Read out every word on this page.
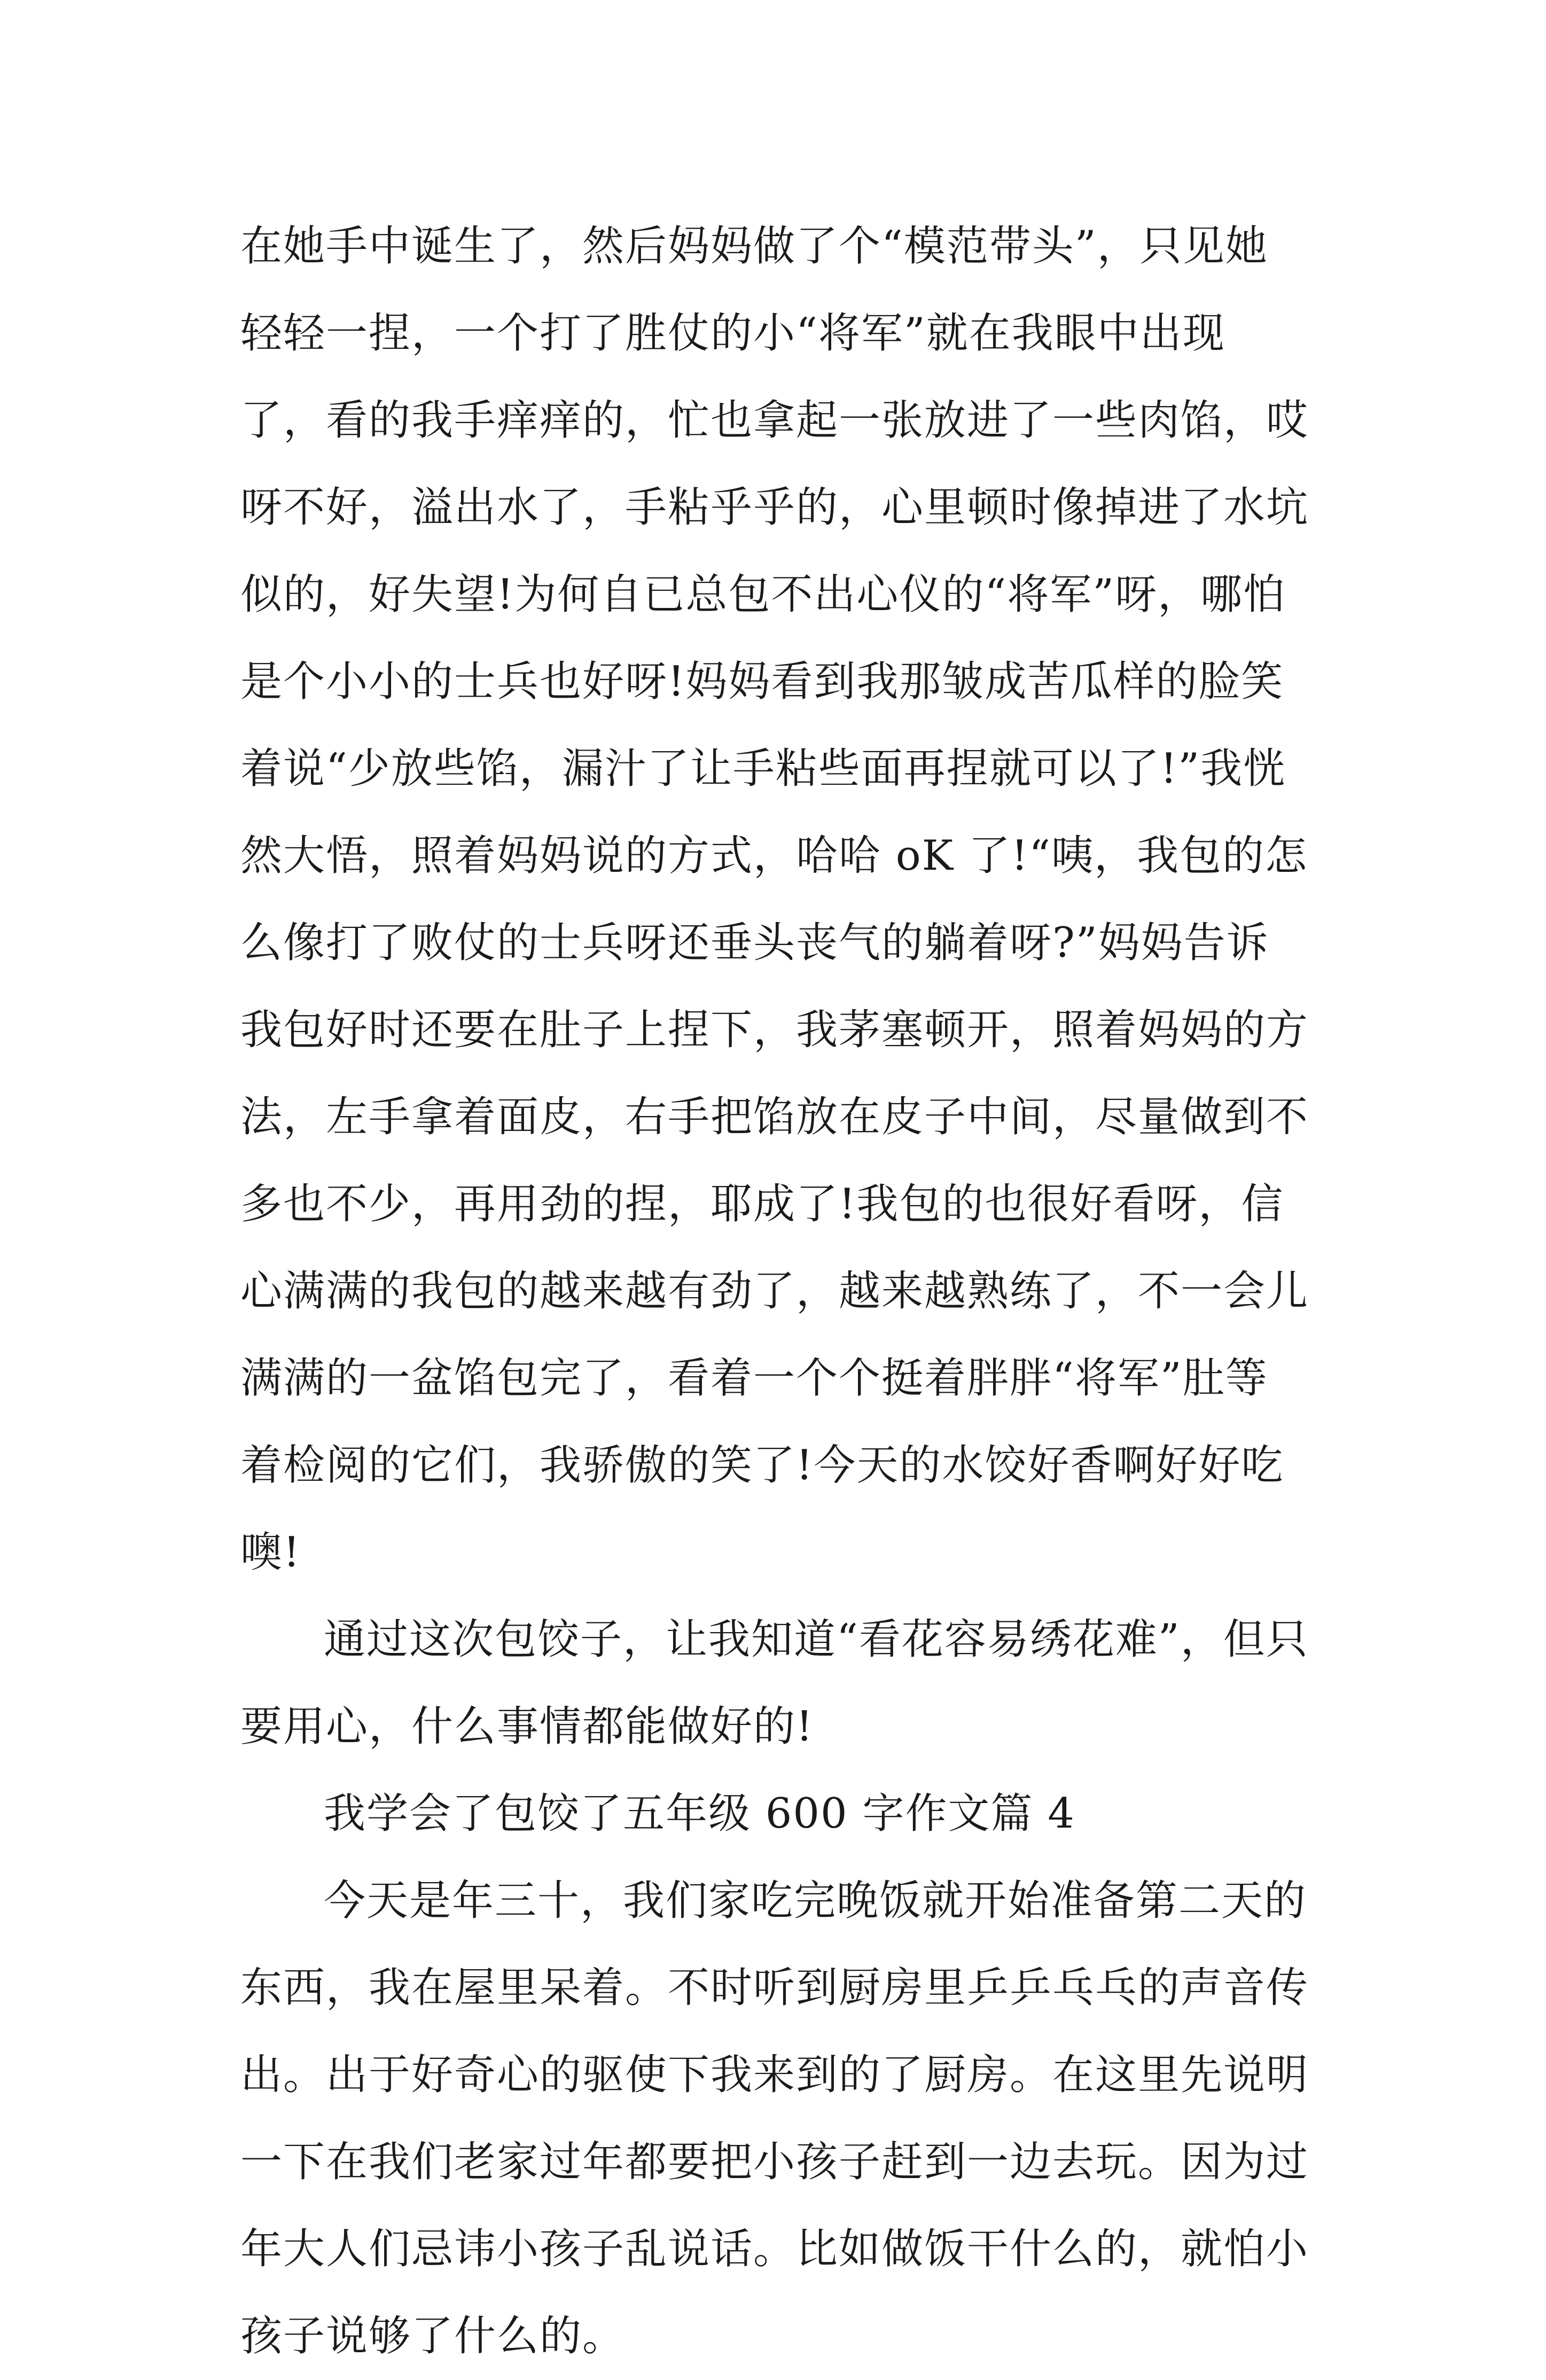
在她手中诞生了，然后妈妈做了个“模范带头”，只见她轻轻一捏，一个打了胜仗的小“将军”就在我眼中出现了，看的我手痒痒的，忙也拿起一张放进了一些肉馅，哎呀不好，溢出水了，手粘乎乎的，心里顿时像掉进了水坑似的，好失望!为何自已总包不出心仪的“将军”呀，哪怕是个小小的士兵也好呀!妈妈看到我那皱成苦瓜样的脸笑着说“少放些馅，漏汁了让手粘些面再捏就可以了!”我恍然大悟，照着妈妈说的方式，哈哈 oK 了!“咦，我包的怎么像打了败仗的士兵呀还垂头丧气的躺着呀?”妈妈告诉我包好时还要在肚子上捏下，我茅塞顿开，照着妈妈的方法，左手拿着面皮，右手把馅放在皮子中间，尽量做到不多也不少，再用劲的捏，耶成了!我包的也很好看呀，信心满满的我包的越来越有劲了，越来越熟练了，不一会儿满满的一盆馅包完了，看着一个个挺着胖胖“将军”肚等着检阅的它们，我骄傲的笑了!今天的水饺好香啊好好吃噢!

通过这次包饺子，让我知道“看花容易绣花难”，但只要用心，什么事情都能做好的!

我学会了包饺了五年级 600 字作文篇 4

今天是年三十，我们家吃完晚饭就开始准备第二天的东西，我在屋里呆着。不时听到厨房里乒乒乓乓的声音传出。出于好奇心的驱使下我来到的了厨房。在这里先说明一下在我们老家过年都要把小孩子赶到一边去玩。因为过年大人们忌讳小孩子乱说话。比如做饭干什么的，就怕小孩子说够了什么的。
